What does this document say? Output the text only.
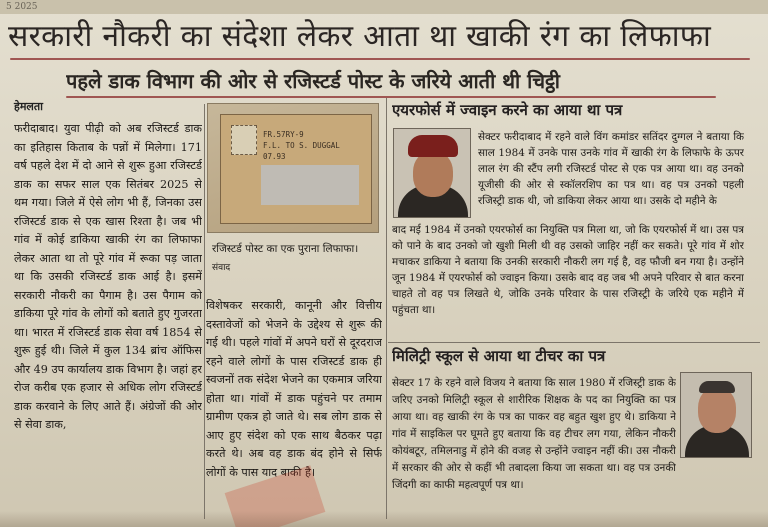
5 2025
सरकारी नौकरी का संदेशा लेकर आता था खाकी रंग का लिफाफा
पहले डाक विभाग की ओर से रजिस्टर्ड पोस्ट के जरिये आती थी चिट्ठी
हेमलता
फरीदाबाद। युवा पीढ़ी को अब रजिस्टर्ड डाक का इतिहास किताब के पन्नों में मिलेगा। 171 वर्ष पहले देश में दो आने से शुरू हुआ रजिस्टर्ड डाक का सफर साल एक सितंबर 2025 से थम गया। जिले में ऐसे लोग भी हैं, जिनका उस रजिस्टर्ड डाक से एक खास रिश्ता है। जब भी गांव में कोई डाकिया खाकी रंग का लिफाफा लेकर आता था तो पूरे गांव में रूका पड़ जाता था कि उसकी रजिस्टर्ड डाक आई है। इसमें सरकारी नौकरी का पैगाम है। उस पैगाम को डाकिया पूरे गांव के लोगों को बताते हुए गुजरता था। भारत में रजिस्टर्ड डाक सेवा वर्ष 1854 से शुरू हुई थी। जिले में कुल 134 ब्रांच ऑफिस और 49 उप कार्यालय डाक विभाग है। जहां हर रोज करीब एक हजार से अधिक लोग रजिस्टर्ड डाक करवाने के लिए आते हैं। अंग्रेजों की ओर से सेवा डाक,
FR.57RY-9
F.L. TO S. DUGGAL
07.93
रजिस्टर्ड पोस्ट का एक पुराना लिफाफा। संवाद
विशेषकर सरकारी, कानूनी और वित्तीय दस्तावेजों को भेजने के उद्देश्य से शुरू की गई थी। पहले गांवों में अपने घरों से दूरदराज रहने वाले लोगों के पास रजिस्टर्ड डाक ही स्वजनों तक संदेश भेजने का एकमात्र जरिया होता था। गांवों में डाक पहुंचने पर तमाम ग्रामीण एकत्र हो जाते थे। सब लोग डाक से आए हुए संदेश को एक साथ बैठकर पढ़ा करते थे। अब वह डाक बंद होने से सिर्फ लोगों के पास याद बाकी है।
एयरफोर्स में ज्वाइन करने का आया था पत्र
सेक्टर फरीदाबाद में रहने वाले विंग कमांडर सतिंदर दुग्गल ने बताया कि साल 1984 में उनके पास उनके गांव में खाकी रंग के लिफाफे के ऊपर लाल रंग की स्टैंप लगी रजिस्टर्ड पोस्ट से एक पत्र आया था। वह उनको यूजीसी की ओर से स्कॉलरशिप का पत्र था। वह पत्र उनको पहली रजिस्ट्री डाक थी, जो डाकिया लेकर आया था। उसके दो महीने के
बाद मई 1984 में उनको एयरफोर्स का नियुक्ति पत्र मिला था, जो कि एयरफोर्स में था। उस पत्र को पाने के बाद उनको जो खुशी मिली थी वह उसको जाहिर नहीं कर सकते। पूरे गांव में शोर मचाकर डाकिया ने बताया कि उनकी सरकारी नौकरी लग गई है, वह फौजी बन गया है। उन्होंने जून 1984 में एयरफोर्स को ज्वाइन किया। उसके बाद वह जब भी अपने परिवार से बात करना चाहते तो वह पत्र लिखते थे, जोकि उनके परिवार के पास रजिस्ट्री के जरिये एक महीने में पहुंचता था।
मिलिट्री स्कूल से आया था टीचर का पत्र
सेक्टर 17 के रहने वाले विजय ने बताया कि साल 1980 में रजिस्ट्री डाक के जरिए उनको मिलिट्री स्कूल से शारीरिक शिक्षक के पद का नियुक्ति का पत्र आया था। वह खाकी रंग के पत्र का पाकर वह बहुत खुश हुए थे। डाकिया ने गांव में साइकिल पर घूमते हुए बताया कि वह टीचर लग गया, लेकिन नौकरी कोयंबटूर, तमिलनाडु में होने की वजह से उन्होंने ज्वाइन नहीं की। उस नौकरी में सरकार की ओर से कहीं भी तबादला किया जा सकता था। वह पत्र उनकी जिंदगी का काफी महत्वपूर्ण पत्र था।
